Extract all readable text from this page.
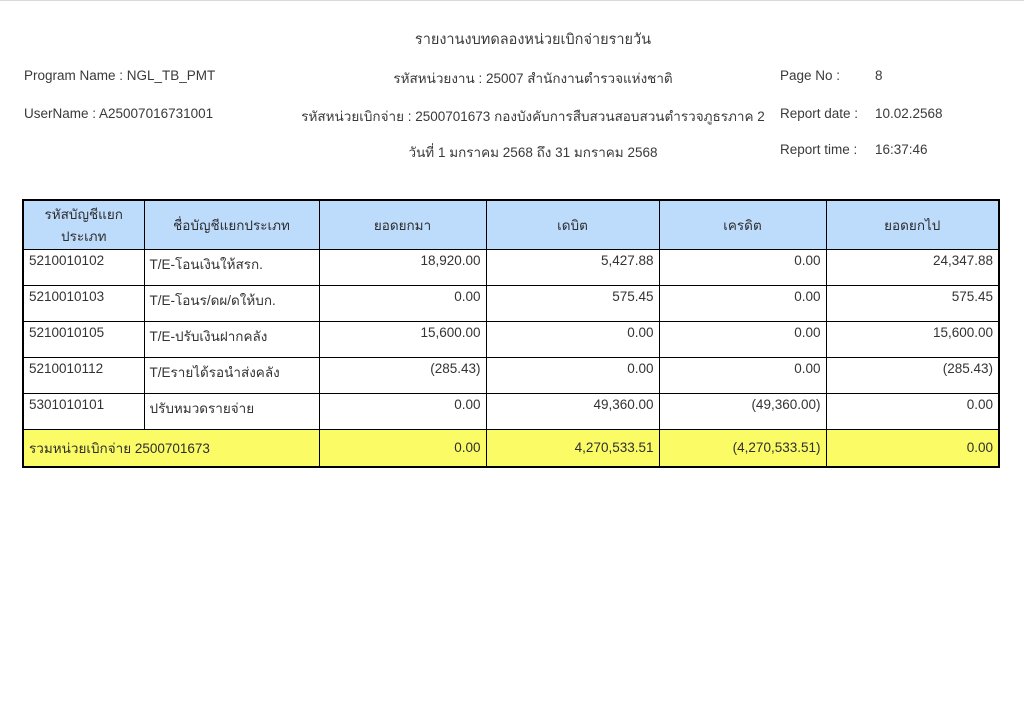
รายงานงบทดลองหน่วยเบิกจ่ายรายวัน
Program Name : NGL_TB_PMT	รหัสหน่วยงาน : 25007 สำนักงานตำรวจแห่งชาติ	Page No :	8
UserName : A25007016731001	รหัสหน่วยเบิกจ่าย : 2500701673 กองบังคับการสืบสวนสอบสวนตำรวจภูธรภาค 2	Report date : 10.02.2568
วันที่ 1 มกราคม 2568 ถึง 31 มกราคม 2568	Report time : 16:37:46
รหัสบัญชีแยกประเภท	ชื่อบัญชีแยกประเภท	ยอดยกมา	เดบิต	เครดิต	ยอดยกไป
5210010102	T/E-โอนเงินให้สรก.	18,920.00	5,427.88	0.00	24,347.88
5210010103	T/E-โอนร/ดผ/ดให้บก.	0.00	575.45	0.00	575.45
5210010105	T/E-ปรับเงินฝากคลัง	15,600.00	0.00	0.00	15,600.00
5210010112	T/Eรายได้รอนำส่งคลัง	(285.43)	0.00	0.00	(285.43)
5301010101	ปรับหมวดรายจ่าย	0.00	49,360.00	(49,360.00)	0.00
รวมหน่วยเบิกจ่าย 2500701673		0.00	4,270,533.51	(4,270,533.51)	0.00
